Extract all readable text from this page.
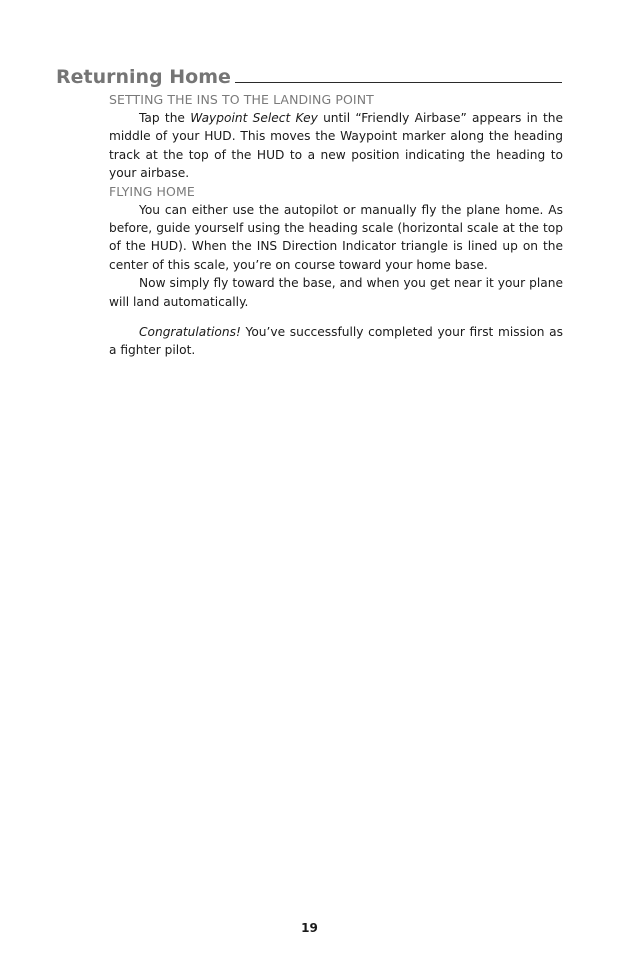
Returning Home
SETTING THE INS TO THE LANDING POINT

Tap the Waypoint Select Key until “Friendly Airbase” appears in the middle of your HUD. This moves the Waypoint marker along the heading track at the top of the HUD to a new position indicating the heading to your airbase.

FLYING HOME

You can either use the autopilot or manually fly the plane home. As before, guide yourself using the heading scale (horizontal scale at the top of the HUD). When the INS Direction Indicator triangle is lined up on the center of this scale, you’re on course toward your home base.

Now simply fly toward the base, and when you get near it your plane will land automatically.

Congratulations! You’ve successfully completed your first mission as a fighter pilot.

19
